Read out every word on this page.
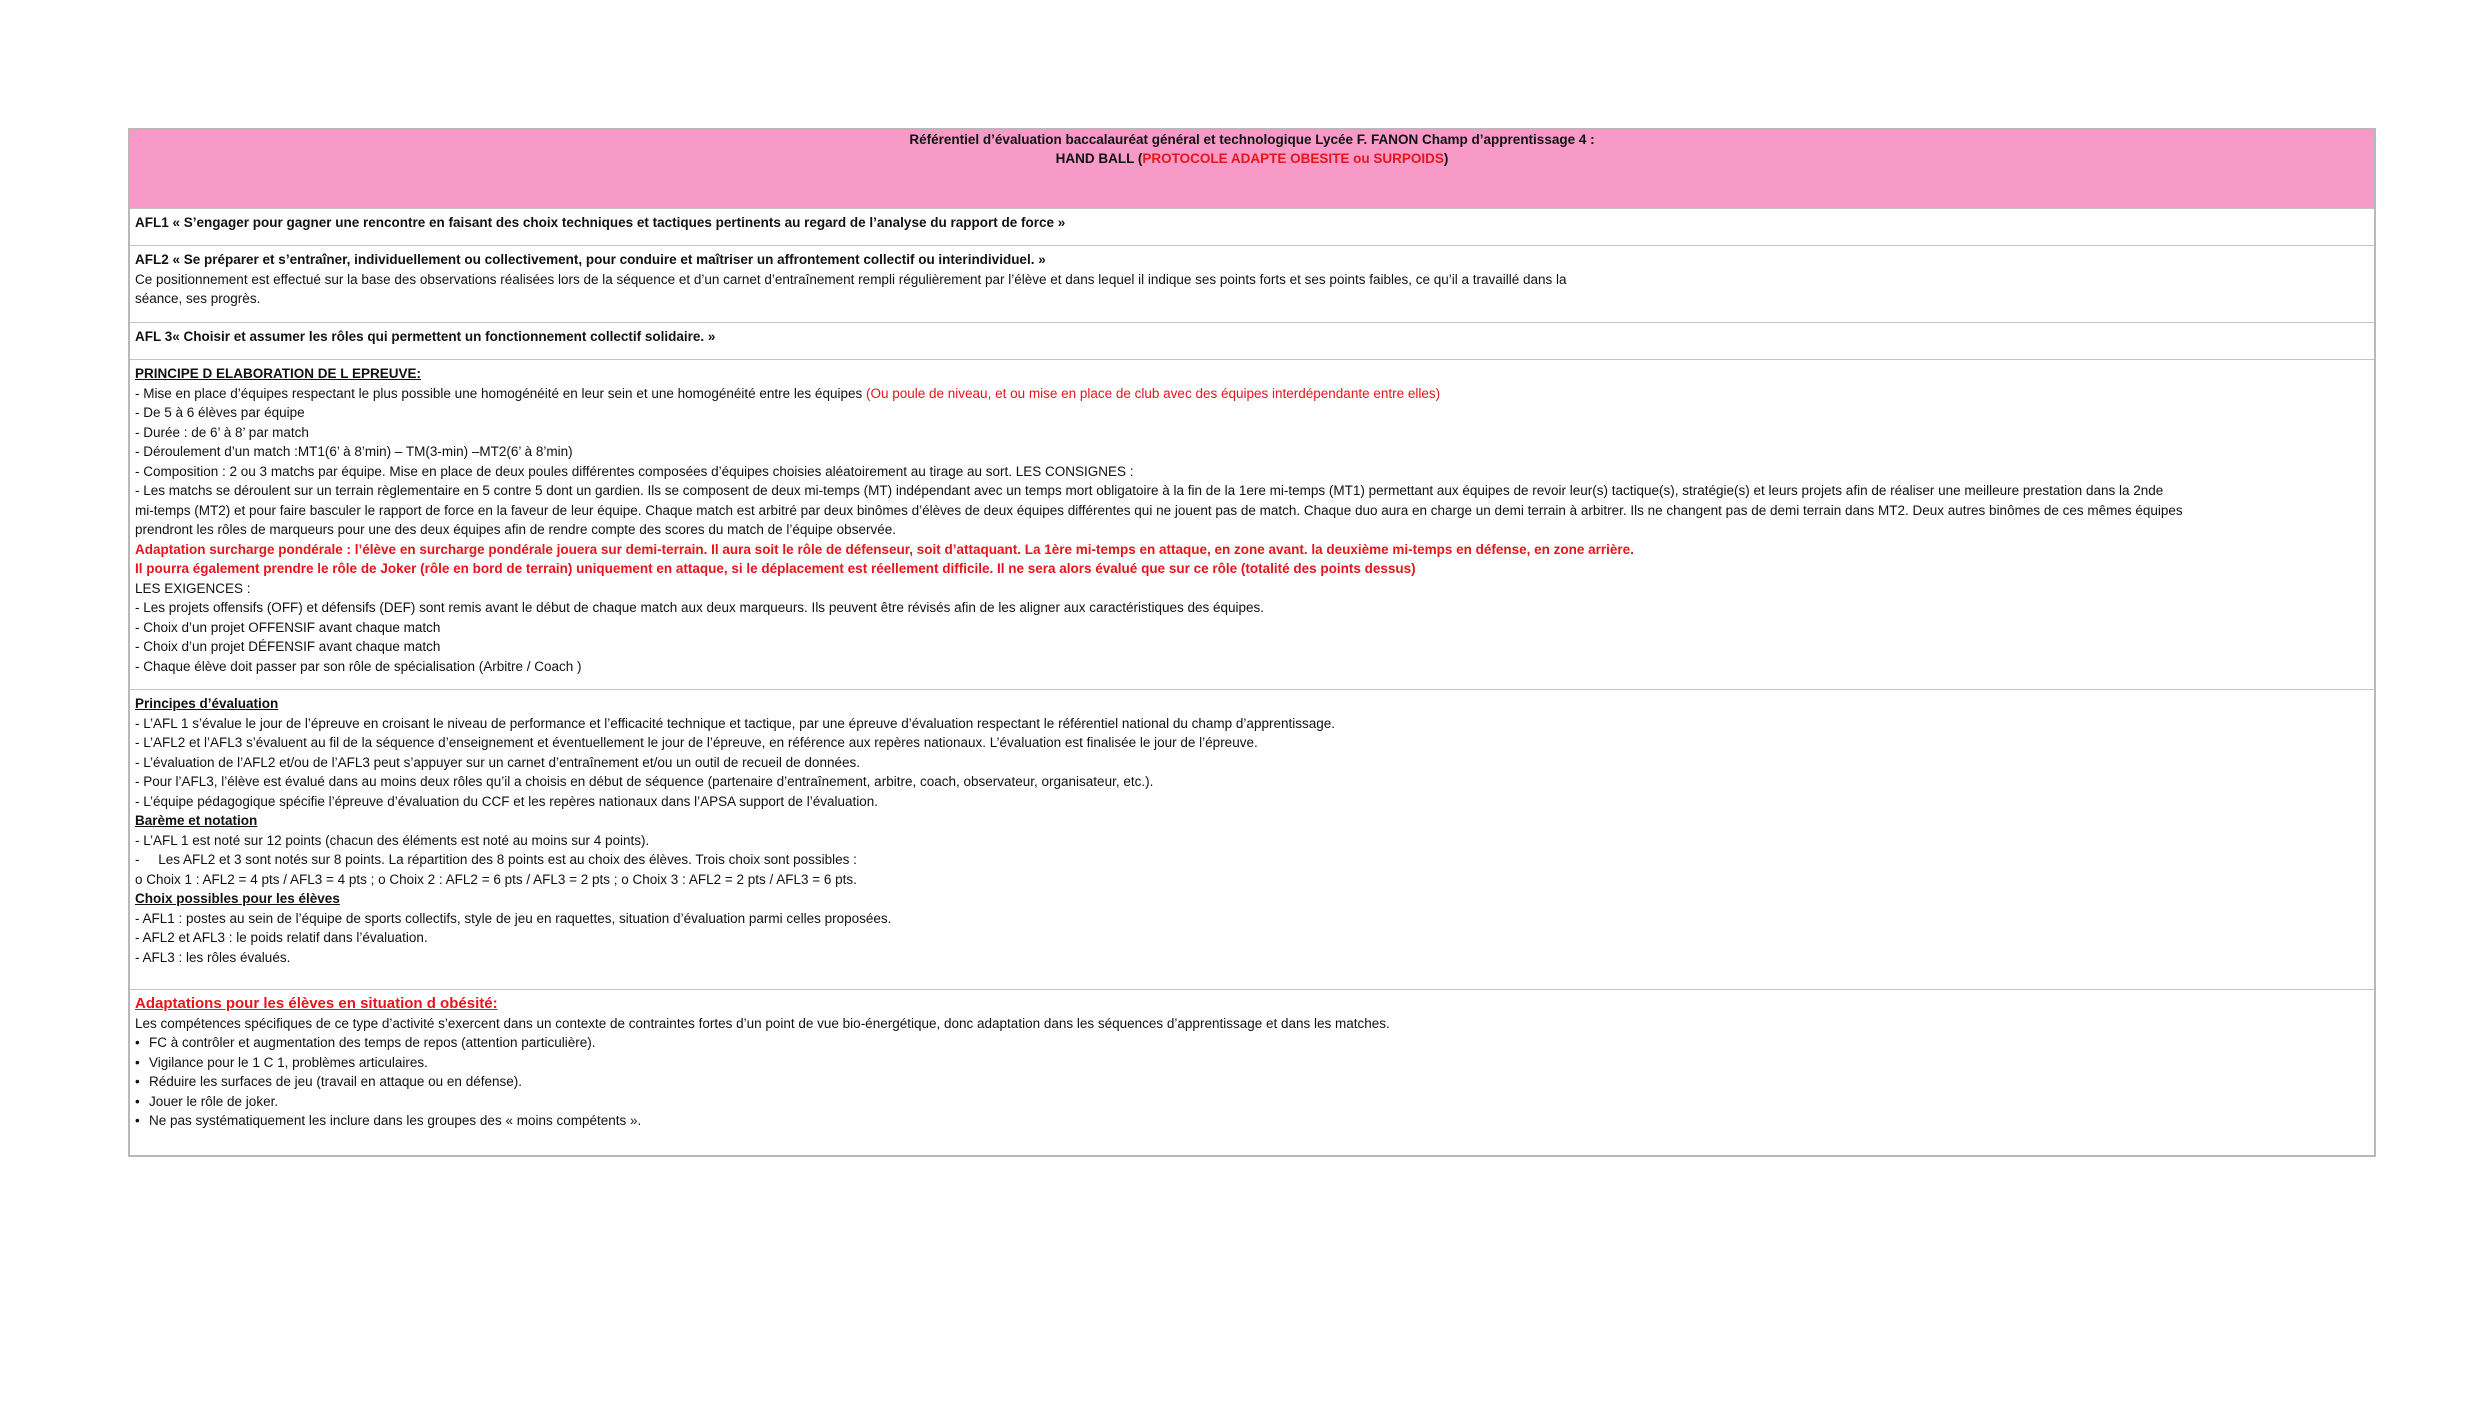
Référentiel d’évaluation baccalauréat général et technologique Lycée F. FANON Champ d’apprentissage 4 :
HAND BALL (PROTOCOLE ADAPTE OBESITE ou SURPOIDS)
AFL1 « S’engager pour gagner une rencontre en faisant des choix techniques et tactiques pertinents au regard de l’analyse du rapport de force »
AFL2 « Se préparer et s’entraîner, individuellement ou collectivement, pour conduire et maîtriser un affrontement collectif ou interindividuel. »
Ce positionnement est effectué sur la base des observations réalisées lors de la séquence et d’un carnet d’entraînement rempli régulièrement par l’élève et dans lequel il indique ses points forts et ses points faibles, ce qu’il a travaillé dans la
séance, ses progrès.
AFL 3« Choisir et assumer les rôles qui permettent un fonctionnement collectif solidaire. »
PRINCIPE D ELABORATION DE L EPREUVE:
- Mise en place d’équipes respectant le plus possible une homogénéité en leur sein et une homogénéité entre les équipes (Ou poule de niveau, et ou mise en place de club avec des équipes interdépendante entre elles)
- De 5 à 6 élèves par équipe
- Durée : de 6’ à 8’ par match
- Déroulement d’un match :MT1(6’ à 8’min) – TM(3-min) –MT2(6’ à 8’min)
- Composition : 2 ou 3 matchs par équipe. Mise en place de deux poules différentes composées d’équipes choisies aléatoirement au tirage au sort. LES CONSIGNES :
- Les matchs se déroulent sur un terrain règlementaire en 5 contre 5 dont un gardien. Ils se composent de deux mi-temps (MT) indépendant avec un temps mort obligatoire à la fin de la 1ere mi-temps (MT1) permettant aux équipes de revoir leur(s) tactique(s), stratégie(s) et leurs projets afin de réaliser une meilleure prestation dans la 2nde
mi-temps (MT2) et pour faire basculer le rapport de force en la faveur de leur équipe. Chaque match est arbitré par deux binômes d’élèves de deux équipes différentes qui ne jouent pas de match. Chaque duo aura en charge un demi terrain à arbitrer. Ils ne changent pas de demi terrain dans MT2. Deux autres binômes de ces mêmes équipes
prendront les rôles de marqueurs pour une des deux équipes afin de rendre compte des scores du match de l’équipe observée.
Adaptation surcharge pondérale : l’élève en surcharge pondérale jouera sur demi-terrain. Il aura soit le rôle de défenseur, soit d’attaquant. La 1ère mi-temps en attaque, en zone avant. la deuxième mi-temps en défense, en zone arrière.
Il pourra également prendre le rôle de Joker (rôle en bord de terrain) uniquement en attaque, si le déplacement est réellement difficile. Il ne sera alors évalué que sur ce rôle (totalité des points dessus)
LES EXIGENCES :
- Les projets offensifs (OFF) et défensifs (DEF) sont remis avant le début de chaque match aux deux marqueurs. Ils peuvent être révisés afin de les aligner aux caractéristiques des équipes.
- Choix d’un projet OFFENSIF avant chaque match
- Choix d’un projet DÉFENSIF avant chaque match
- Chaque élève doit passer par son rôle de spécialisation (Arbitre / Coach )
Principes d’évaluation
- L’AFL 1 s’évalue le jour de l’épreuve en croisant le niveau de performance et l’efficacité technique et tactique, par une épreuve d’évaluation respectant le référentiel national du champ d’apprentissage.
- L’AFL2 et l’AFL3 s’évaluent au fil de la séquence d’enseignement et éventuellement le jour de l’épreuve, en référence aux repères nationaux. L’évaluation est finalisée le jour de l’épreuve.
- L’évaluation de l’AFL2 et/ou de l’AFL3 peut s’appuyer sur un carnet d’entraînement et/ou un outil de recueil de données.
- Pour l’AFL3, l’élève est évalué dans au moins deux rôles qu’il a choisis en début de séquence (partenaire d’entraînement, arbitre, coach, observateur, organisateur, etc.).
- L’équipe pédagogique spécifie l’épreuve d’évaluation du CCF et les repères nationaux dans l’APSA support de l’évaluation.
Barème et notation
- L’AFL 1 est noté sur 12 points (chacun des éléments est noté au moins sur 4 points).
-     Les AFL2 et 3 sont notés sur 8 points. La répartition des 8 points est au choix des élèves. Trois choix sont possibles :
o Choix 1 : AFL2 = 4 pts / AFL3 = 4 pts ; o Choix 2 : AFL2 = 6 pts / AFL3 = 2 pts ; o Choix 3 : AFL2 = 2 pts / AFL3 = 6 pts.
Choix possibles pour les élèves
- AFL1 : postes au sein de l’équipe de sports collectifs, style de jeu en raquettes, situation d’évaluation parmi celles proposées.
- AFL2 et AFL3 : le poids relatif dans l’évaluation.
- AFL3 : les rôles évalués.
Adaptations pour les élèves en situation d obésité:
Les compétences spécifiques de ce type d’activité s’exercent dans un contexte de contraintes fortes d’un point de vue bio-énergétique, donc adaptation dans les séquences d’apprentissage et dans les matches.
• FC à contrôler et augmentation des temps de repos (attention particulière).
• Vigilance pour le 1 C 1, problèmes articulaires.
• Réduire les surfaces de jeu (travail en attaque ou en défense).
• Jouer le rôle de joker.
• Ne pas systématiquement les inclure dans les groupes des « moins compétents ».
